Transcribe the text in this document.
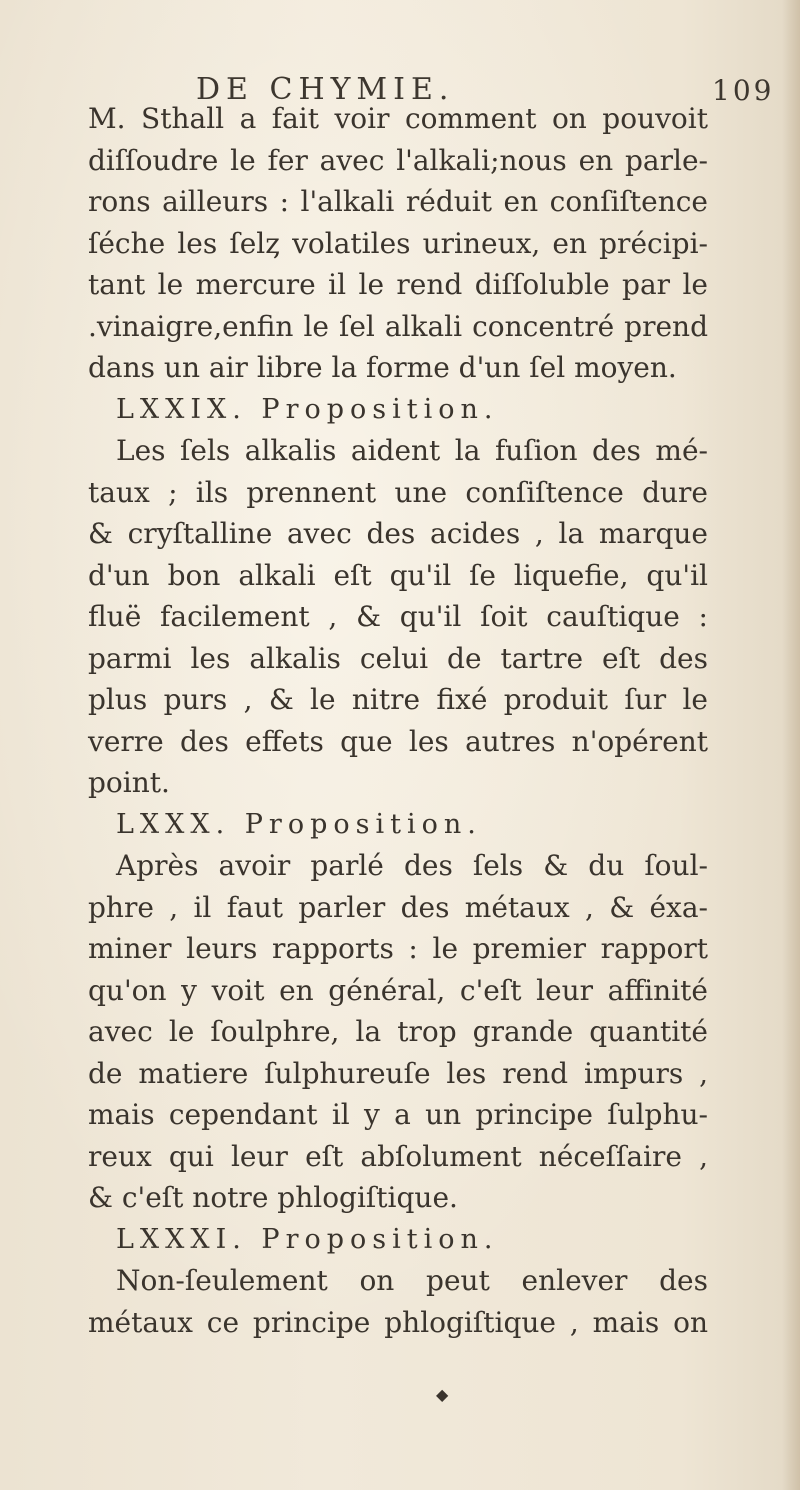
DE CHYMIE.	109
M. Sthall a fait voir comment on pouvoit
diſſoudre le fer avec l'alkali;nous en parle-
rons ailleurs : l'alkali réduit en conſiſtence
ſéche les ſelȥ volatiles urineux, en précipi-
tant le mercure il le rend diſſoluble par le
.vinaigre,enfin le ſel alkali concentré prend
dans un air libre la forme d'un ſel moyen.
LXXIX. Proposition.
Les ſels alkalis aident la fuſion des mé-
taux ; ils prennent une conſiſtence dure
& cryſtalline avec des acides , la marque
d'un bon alkali eſt qu'il ſe liquefie, qu'il
fluë facilement , & qu'il ſoit cauſtique :
parmi les alkalis celui de tartre eſt des
plus purs , & le nitre fixé produit ſur le
verre des effets que les autres n'opérent
point.
LXXX. Proposition.
Après avoir parlé des ſels & du ſoul-
phre , il faut parler des métaux , & éxa-
miner leurs rapports : le premier rapport
qu'on y voit en général, c'eſt leur affinité
avec le ſoulphre, la trop grande quantité
de matiere ſulphureuſe les rend impurs ,
mais cependant il y a un principe ſulphu-
reux qui leur eſt abſolument néceſſaire ,
& c'eſt notre phlogiſtique.
LXXXI. Proposition.
Non-ſeulement on peut enlever des
métaux ce principe phlogiſtique , mais on
◆
